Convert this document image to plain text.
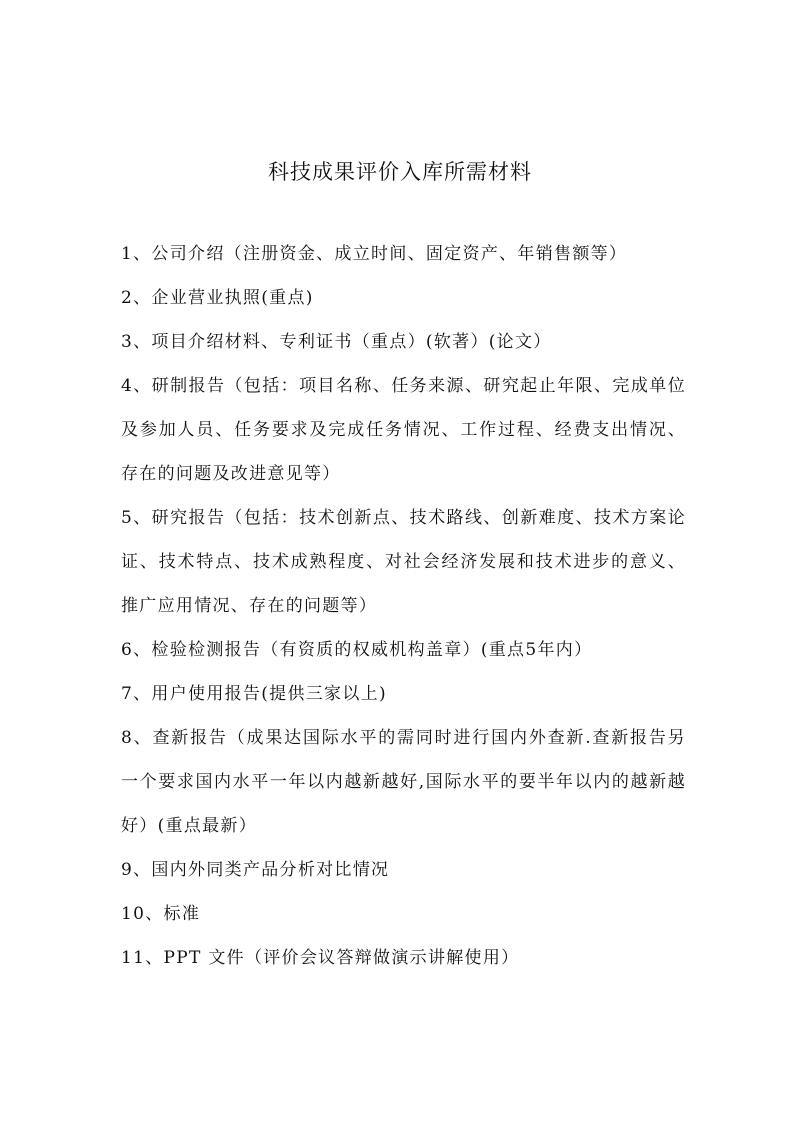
科技成果评价入库所需材料
1、公司介绍（注册资金、成立时间、固定资产、年销售额等）
2、企业营业执照(重点)
3、项目介绍材料、专利证书（重点）(软著）(论文）
4、研制报告（包括：项目名称、任务来源、研究起止年限、完成单位及参加人员、任务要求及完成任务情况、工作过程、经费支出情况、存在的问题及改进意见等）
5、研究报告（包括：技术创新点、技术路线、创新难度、技术方案论证、技术特点、技术成熟程度、对社会经济发展和技术进步的意义、推广应用情况、存在的问题等）
6、检验检测报告（有资质的权威机构盖章）(重点5年内）
7、用户使用报告(提供三家以上)
8、查新报告（成果达国际水平的需同时进行国内外查新.查新报告另一个要求国内水平一年以内越新越好,国际水平的要半年以内的越新越好）(重点最新）
9、国内外同类产品分析对比情况
10、标准
11、PPT 文件（评价会议答辩做演示讲解使用）
